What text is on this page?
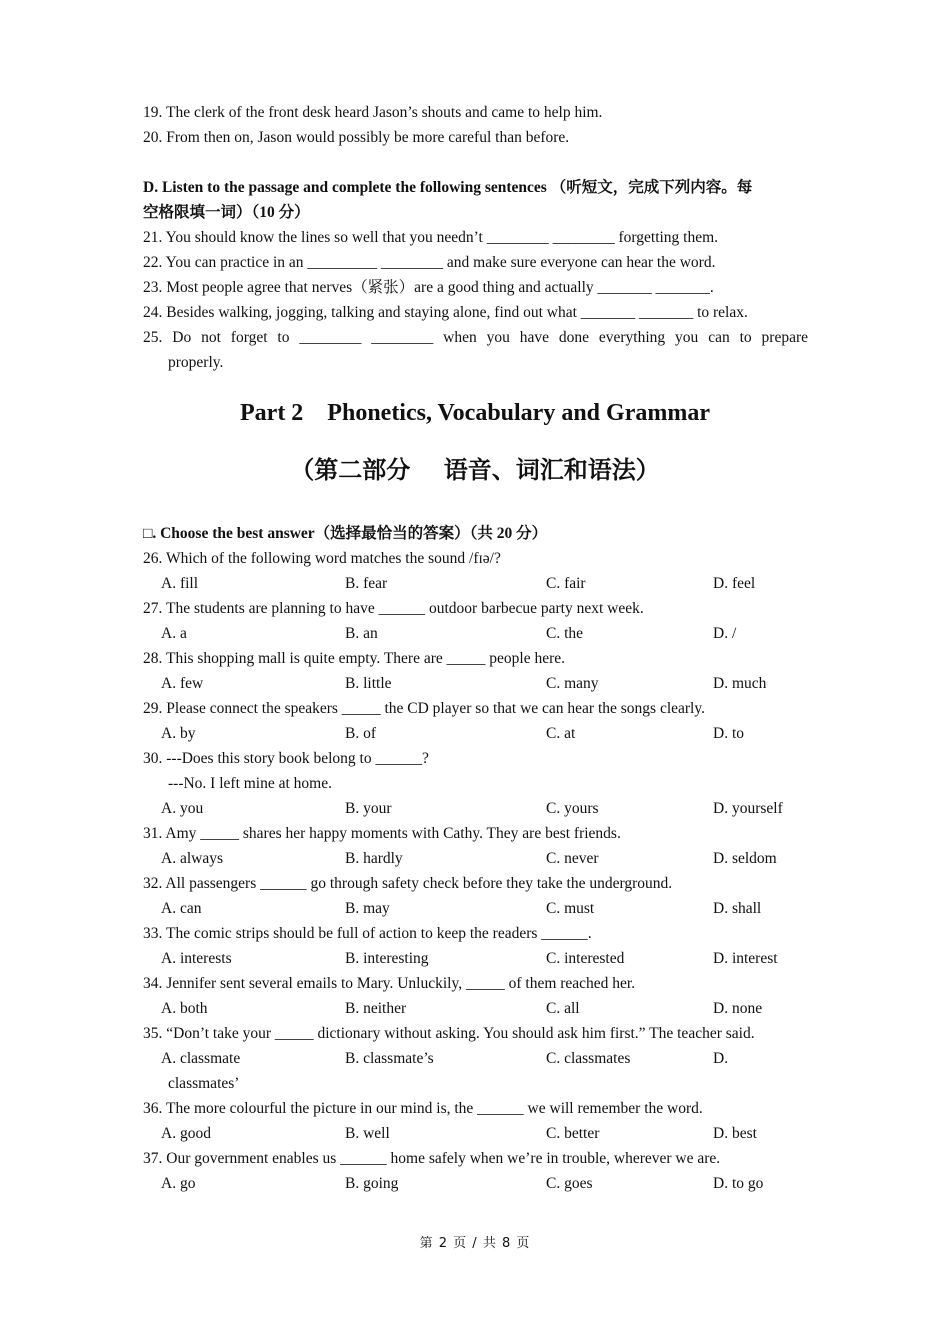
19. The clerk of the front desk heard Jason’s shouts and came to help him.
20. From then on, Jason would possibly be more careful than before.
D. Listen to the passage and complete the following sentences （听短文，完成下列内容。每
空格限填一词）（10 分）
21. You should know the lines so well that you needn’t ________ ________ forgetting them.
22. You can practice in an _________ ________ and make sure everyone can hear the word.
23. Most people agree that nerves（紧张）are a good thing and actually _______ _______.
24. Besides walking, jogging, talking and staying alone, find out what _______ _______ to relax.
25. Do not forget to ________ ________ when you have done everything you can to prepare
properly.
Part 2    Phonetics, Vocabulary and Grammar
（第二部分    语音、词汇和语法）
□. Choose the best answer（选择最恰当的答案）（共 20 分）
26. Which of the following word matches the sound /fɪə/?
A. fill	B. fear	C. fair	D. feel
27. The students are planning to have ______ outdoor barbecue party next week.
A. a	B. an	C. the	D. /
28. This shopping mall is quite empty. There are _____ people here.
A. few	B. little	C. many	D. much
29. Please connect the speakers _____ the CD player so that we can hear the songs clearly.
A. by	B. of	C. at	D. to
30. ---Does this story book belong to ______?
---No. I left mine at home.
A. you	B. your	C. yours	D. yourself
31. Amy _____ shares her happy moments with Cathy. They are best friends.
A. always	B. hardly	C. never	D. seldom
32. All passengers ______ go through safety check before they take the underground.
A. can	B. may	C. must	D. shall
33. The comic strips should be full of action to keep the readers ______.
A. interests	B. interesting	C. interested	D. interest
34. Jennifer sent several emails to Mary. Unluckily, _____ of them reached her.
A. both	B. neither	C. all	D. none
35. “Don’t take your _____ dictionary without asking. You should ask him first.” The teacher said.
A. classmate	B. classmate’s	C. classmates	D.
classmates’
36. The more colourful the picture in our mind is, the ______ we will remember the word.
A. good	B. well	C. better	D. best
37. Our government enables us ______ home safely when we’re in trouble, wherever we are.
A. go	B. going	C. goes	D. to go
第 2 页 / 共 8 页
